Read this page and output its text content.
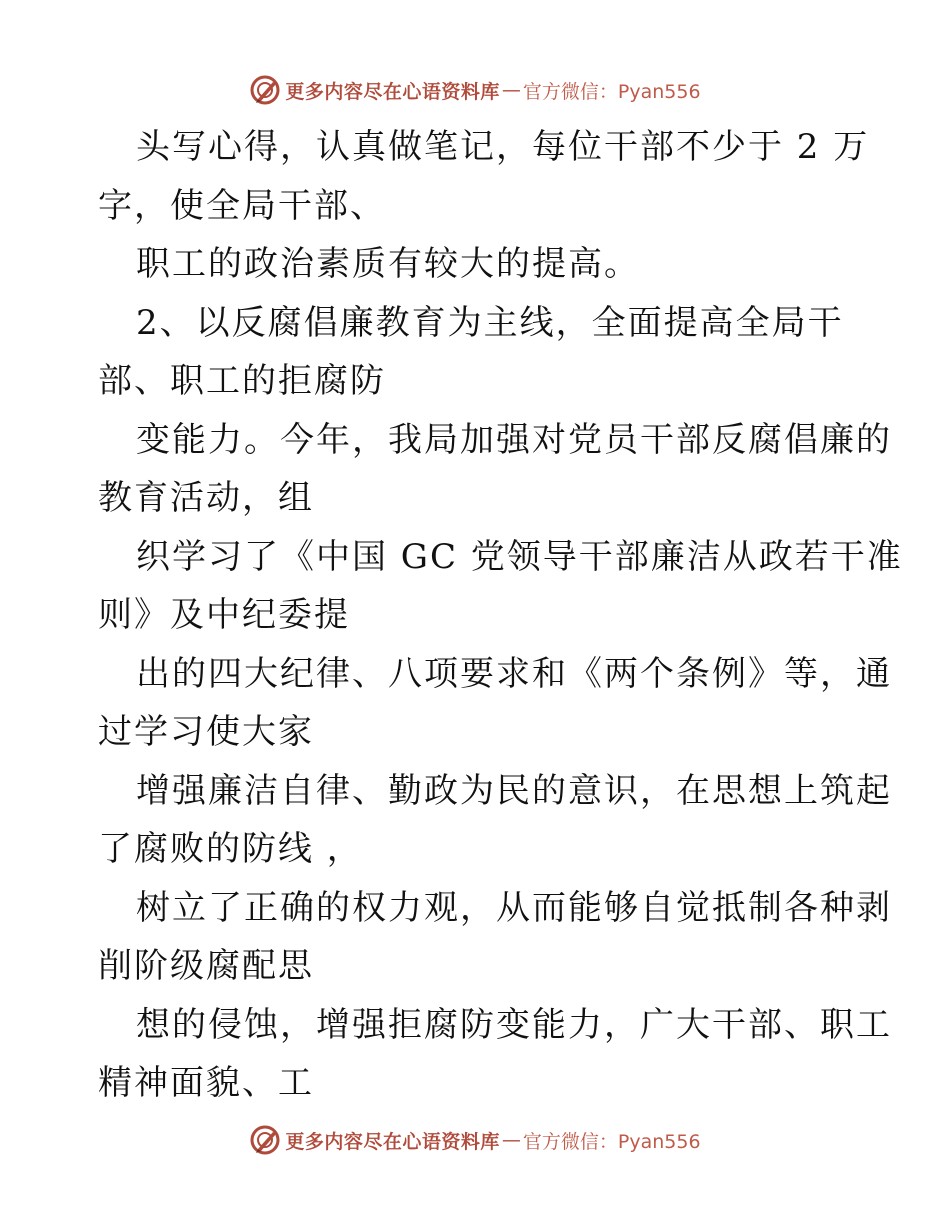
更多内容尽在心语资料库 — 官方微信：Pyan556
头写心得，认真做笔记，每位干部不少于 2 万
字，使全局干部、
职工的政治素质有较大的提高。
2、以反腐倡廉教育为主线，全面提高全局干
部、职工的拒腐防
变能力。今年，我局加强对党员干部反腐倡廉的
教育活动，组
织学习了《中国 GC 党领导干部廉洁从政若干准
则》及中纪委提
出的四大纪律、八项要求和《两个条例》等，通
过学习使大家
增强廉洁自律、勤政为民的意识，在思想上筑起
了腐败的防线 ，
树立了正确的权力观，从而能够自觉抵制各种剥
削阶级腐配思
想的侵蚀，增强拒腐防变能力，广大干部、职工
精神面貌、工
更多内容尽在心语资料库 — 官方微信：Pyan556
